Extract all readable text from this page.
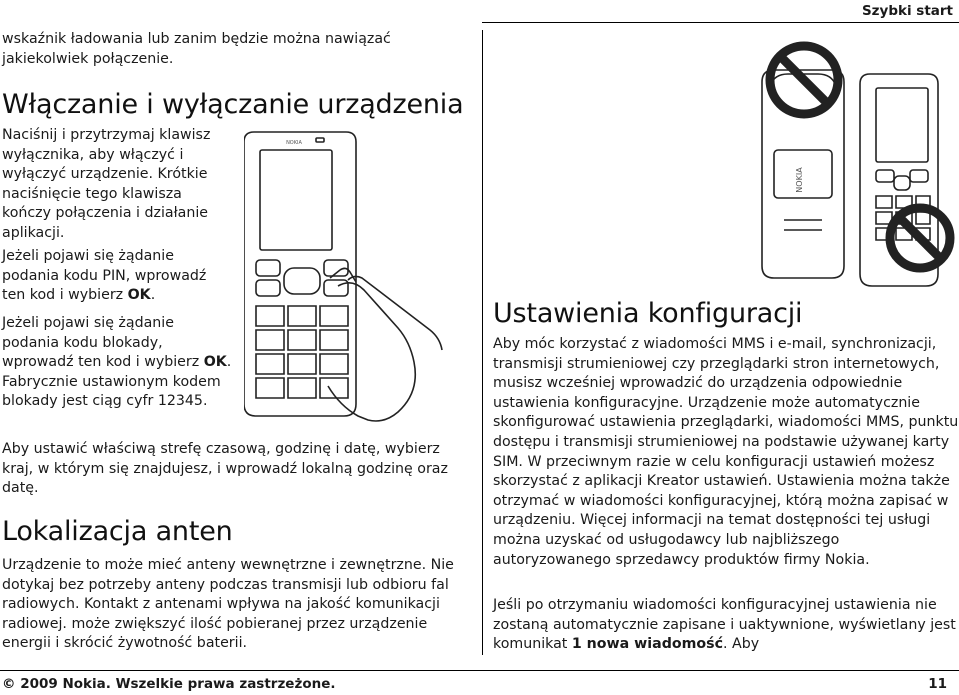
Szybki start

wskaźnik ładowania lub zanim będzie można nawiązać jakiekolwiek połączenie.

Włączanie i wyłączanie urządzenia

Naciśnij i przytrzymaj klawisz wyłącznika, aby włączyć i wyłączyć urządzenie. Krótkie naciśnięcie tego klawisza kończy połączenia i działanie aplikacji.

Jeżeli pojawi się żądanie podania kodu PIN, wprowadź ten kod i wybierz OK.

Jeżeli pojawi się żądanie podania kodu blokady, wprowadź ten kod i wybierz OK. Fabrycznie ustawionym kodem blokady jest ciąg cyfr 12345.

Aby ustawić właściwą strefę czasową, godzinę i datę, wybierz kraj, w którym się znajdujesz, i wprowadź lokalną godzinę oraz datę.

Lokalizacja anten

Urządzenie to może mieć anteny wewnętrzne i zewnętrzne. Nie dotykaj bez potrzeby anteny podczas transmisji lub odbioru fal radiowych. Kontakt z antenami wpływa na jakość komunikacji radiowej. może zwiększyć ilość pobieranej przez urządzenie energii i skrócić żywotność baterii.

NOKIA
NOKIA
Ustawienia konfiguracji

Aby móc korzystać z wiadomości MMS i e-mail, synchronizacji, transmisji strumieniowej czy przeglądarki stron internetowych, musisz wcześniej wprowadzić do urządzenia odpowiednie ustawienia konfiguracyjne. Urządzenie może automatycznie skonfigurować ustawienia przeglądarki, wiadomości MMS, punktu dostępu i transmisji strumieniowej na podstawie używanej karty SIM. W przeciwnym razie w celu konfiguracji ustawień możesz skorzystać z aplikacji Kreator ustawień. Ustawienia można także otrzymać w wiadomości konfiguracyjnej, którą można zapisać w urządzeniu. Więcej informacji na temat dostępności tej usługi można uzyskać od usługodawcy lub najbliższego autoryzowanego sprzedawcy produktów firmy Nokia.

Jeśli po otrzymaniu wiadomości konfiguracyjnej ustawienia nie zostaną automatycznie zapisane i uaktywnione, wyświetlany jest komunikat 1 nowa wiadomość. Aby

© 2009 Nokia. Wszelkie prawa zastrzeżone.	11
